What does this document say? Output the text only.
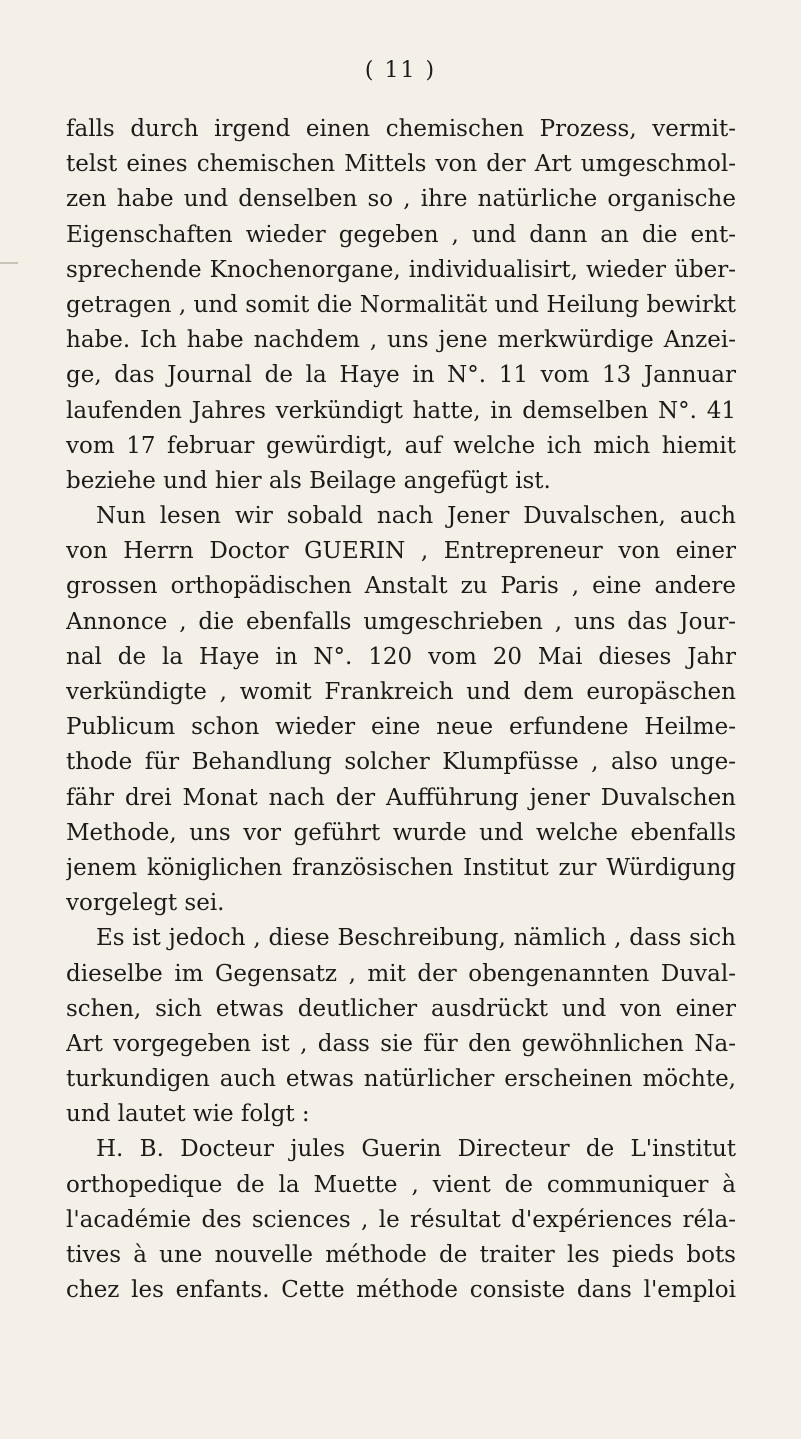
( 11 )
falls durch irgend einen chemischen Prozess, vermit-
telst eines chemischen Mittels von der Art umgeschmol-
zen habe und denselben so , ihre natürliche organische
Eigenschaften wieder gegeben , und dann an die ent-
sprechende Knochenorgane, individualisirt, wieder über-
getragen , und somit die Normalität und Heilung bewirkt
habe. Ich habe nachdem , uns jene merkwürdige Anzei-
ge, das Journal de la Haye in N°. 11 vom 13 Jannuar
laufenden Jahres verkündigt hatte, in demselben N°. 41
vom 17 februar gewürdigt, auf welche ich mich hiemit
beziehe und hier als Beilage angefügt ist.
Nun lesen wir sobald nach Jener Duvalschen, auch
von Herrn Doctor GUERIN , Entrepreneur von einer
grossen orthopädischen Anstalt zu Paris , eine andere
Annonce , die ebenfalls umgeschrieben , uns das Jour-
nal de la Haye in N°. 120 vom 20 Mai dieses Jahr
verkündigte , womit Frankreich und dem europäschen
Publicum schon wieder eine neue erfundene Heilme-
thode für Behandlung solcher Klumpfüsse , also unge-
fähr drei Monat nach der Aufführung jener Duvalschen
Methode, uns vor geführt wurde und welche ebenfalls
jenem königlichen französischen Institut zur Würdigung
vorgelegt sei.
Es ist jedoch , diese Beschreibung, nämlich , dass sich
dieselbe im Gegensatz , mit der obengenannten Duval-
schen, sich etwas deutlicher ausdrückt und von einer
Art vorgegeben ist , dass sie für den gewöhnlichen Na-
turkundigen auch etwas natürlicher erscheinen möchte,
und lautet wie folgt :
H. B. Docteur jules Guerin Directeur de L'institut
orthopedique de la Muette , vient de communiquer à
l'académie des sciences , le résultat d'expériences réla-
tives à une nouvelle méthode de traiter les pieds bots
chez les enfants. Cette méthode consiste dans l'emploi
